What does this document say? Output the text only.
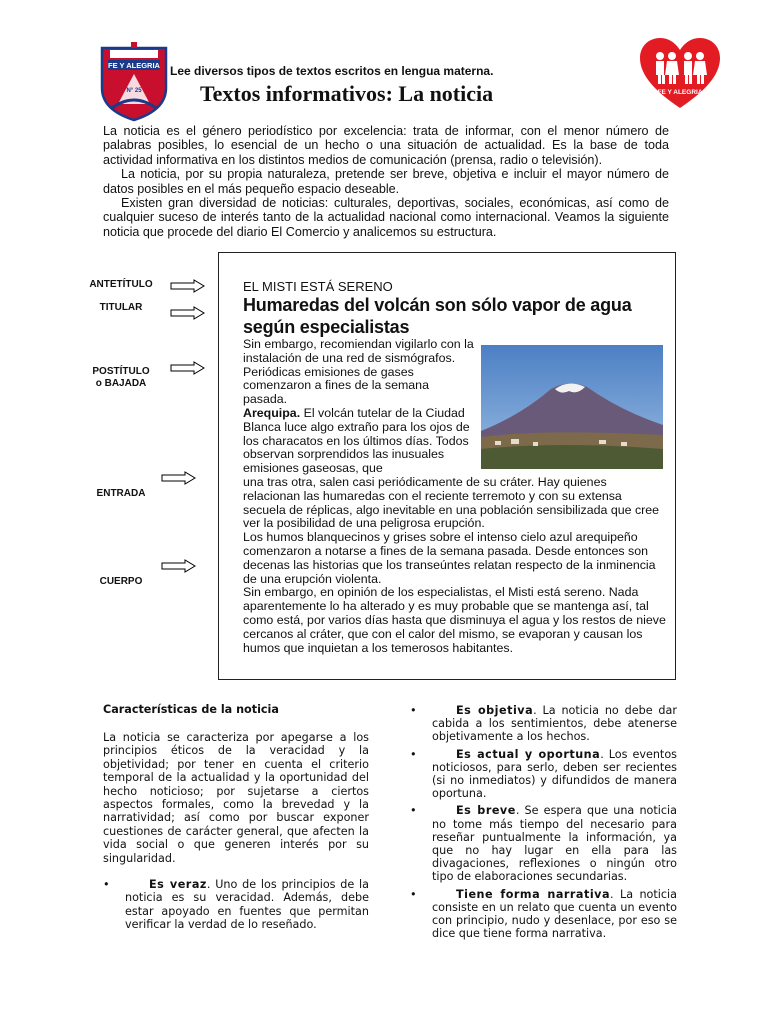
FE Y ALEGRIA
N° 25	FE Y ALEGRIA
Lee diversos tipos de textos escritos en lengua materna.
Textos informativos: La noticia

La noticia es el género periodístico por excelencia: trata de informar, con el menor número de palabras posibles, lo esencial de un hecho o una situación de actualidad. Es la base de toda actividad informativa en los distintos medios de comunicación (prensa, radio o televisión).

La noticia, por su propia naturaleza, pretende ser breve, objetiva e incluir el mayor número de datos posibles en el más pequeño espacio deseable.

Existen gran diversidad de noticias: culturales, deportivas, sociales, económicas, así como de cualquier suceso de interés tanto de la actualidad nacional como internacional. Veamos la siguiente noticia que procede del diario El Comercio y analicemos su estructura.

ANTETÍTULO
TITULAR
POSTÍTULO
o BAJADA
ENTRADA
CUERPO
EL MISTI ESTÁ SERENO
Humaredas del volcán son sólo vapor de agua según especialistas

Sin embargo, recomiendan vigilarlo con la instalación de una red de sismógrafos. Periódicas emisiones de gases comenzaron a fines de la semana pasada.

Arequipa. El volcán tutelar de la Ciudad Blanca luce algo extraño para los ojos de los characatos en los últimos días. Todos observan sorprendidos las inusuales emisiones gaseosas, que

una tras otra, salen casi periódicamente de su cráter. Hay quienes relacionan las humaredas con el reciente terremoto y con su extensa secuela de réplicas, algo inevitable en una población sensibilizada que cree ver la posibilidad de una peligrosa erupción.

Los humos blanquecinos y grises sobre el intenso cielo azul arequipeño comenzaron a notarse a fines de la semana pasada. Desde entonces son decenas las historias que los transeúntes relatan respecto de la inminencia de una erupción violenta.

Sin embargo, en opinión de los especialistas, el Misti está sereno. Nada aparentemente lo ha alterado y es muy probable que se mantenga así, tal como está, por varios días hasta que disminuya el agua y los restos de nieve cercanos al cráter, que con el calor del mismo, se evaporan y causan los humos que inquietan a los temerosos habitantes.

Características de la noticia
La noticia se caracteriza por apegarse a los principios éticos de la veracidad y la objetividad; por tener en cuenta el criterio temporal de la actualidad y la oportunidad del hecho noticioso; por sujetarse a ciertos aspectos formales, como la brevedad y la narratividad; así como por buscar exponer cuestiones de carácter general, que afecten la vida social o que generen interés por su singularidad.
•	Es veraz. Uno de los principios de la noticia es su veracidad. Además, debe estar apoyado en fuentes que permitan verificar la verdad de lo reseñado.
•	Es objetiva. La noticia no debe dar cabida a los sentimientos, debe atenerse objetivamente a los hechos.
•	Es actual y oportuna. Los eventos noticiosos, para serlo, deben ser recientes (si no inmediatos) y difundidos de manera oportuna.
•	Es breve. Se espera que una noticia no tome más tiempo del necesario para reseñar puntualmente la información, ya que no hay lugar en ella para las divagaciones, reflexiones o ningún otro tipo de elaboraciones secundarias.
•	Tiene forma narrativa. La noticia consiste en un relato que cuenta un evento con principio, nudo y desenlace, por eso se dice que tiene forma narrativa.
